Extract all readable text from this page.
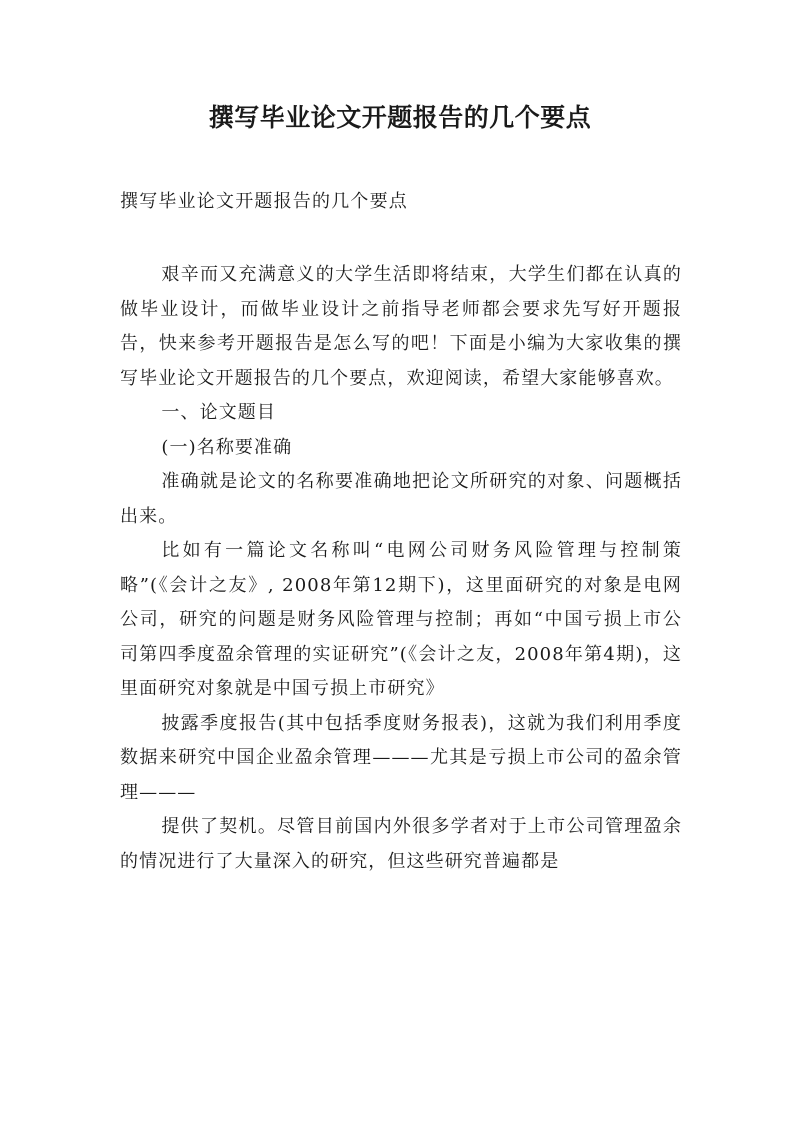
撰写毕业论文开题报告的几个要点

撰写毕业论文开题报告的几个要点

艰辛而又充满意义的大学生活即将结束，大学生们都在认真的做毕业设计，而做毕业设计之前指导老师都会要求先写好开题报告，快来参考开题报告是怎么写的吧！下面是小编为大家收集的撰写毕业论文开题报告的几个要点，欢迎阅读，希望大家能够喜欢。

一、论文题目

(一)名称要准确

准确就是论文的名称要准确地把论文所研究的对象、问题概括出来。

比如有一篇论文名称叫“电网公司财务风险管理与控制策略”(《会计之友》, 2008年第12期下)，这里面研究的对象是电网公司，研究的问题是财务风险管理与控制；再如“中国亏损上市公司第四季度盈余管理的实证研究”(《会计之友，2008年第4期)，这里面研究对象就是中国亏损上市研究》

披露季度报告(其中包括季度财务报表)，这就为我们利用季度数据来研究中国企业盈余管理———尤其是亏损上市公司的盈余管理———

提供了契机。尽管目前国内外很多学者对于上市公司管理盈余的情况进行了大量深入的研究，但这些研究普遍都是
